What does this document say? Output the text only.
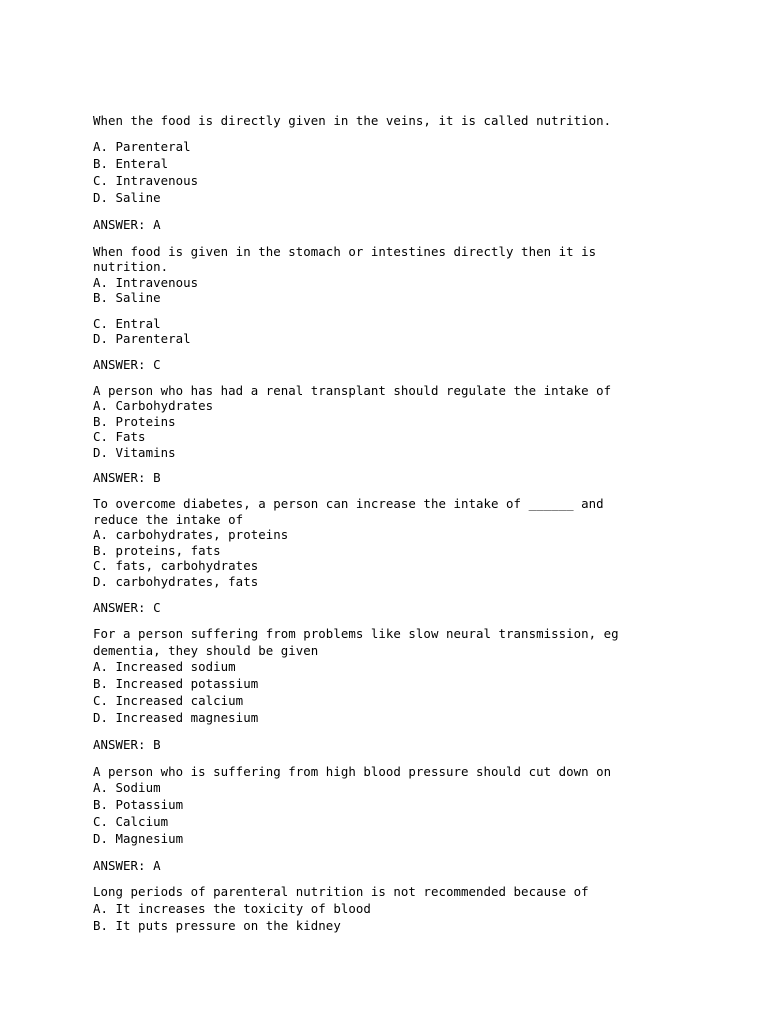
When the food is directly given in the veins, it is called nutrition.
A. Parenteral
B. Enteral
C. Intravenous
D. Saline
ANSWER: A
When food is given in the stomach or intestines directly then it is
nutrition.
A. Intravenous
B. Saline
C. Entral
D. Parenteral
ANSWER: C
A person who has had a renal transplant should regulate the intake of
A. Carbohydrates
B. Proteins
C. Fats
D. Vitamins
ANSWER: B
To overcome diabetes, a person can increase the intake of ______ and
reduce the intake of
A. carbohydrates, proteins
B. proteins, fats
C. fats, carbohydrates
D. carbohydrates, fats
ANSWER: C
For a person suffering from problems like slow neural transmission, eg
dementia, they should be given
A. Increased sodium
B. Increased potassium
C. Increased calcium
D. Increased magnesium
ANSWER: B
A person who is suffering from high blood pressure should cut down on
A. Sodium
B. Potassium
C. Calcium
D. Magnesium
ANSWER: A
Long periods of parenteral nutrition is not recommended because of
A. It increases the toxicity of blood
B. It puts pressure on the kidney
